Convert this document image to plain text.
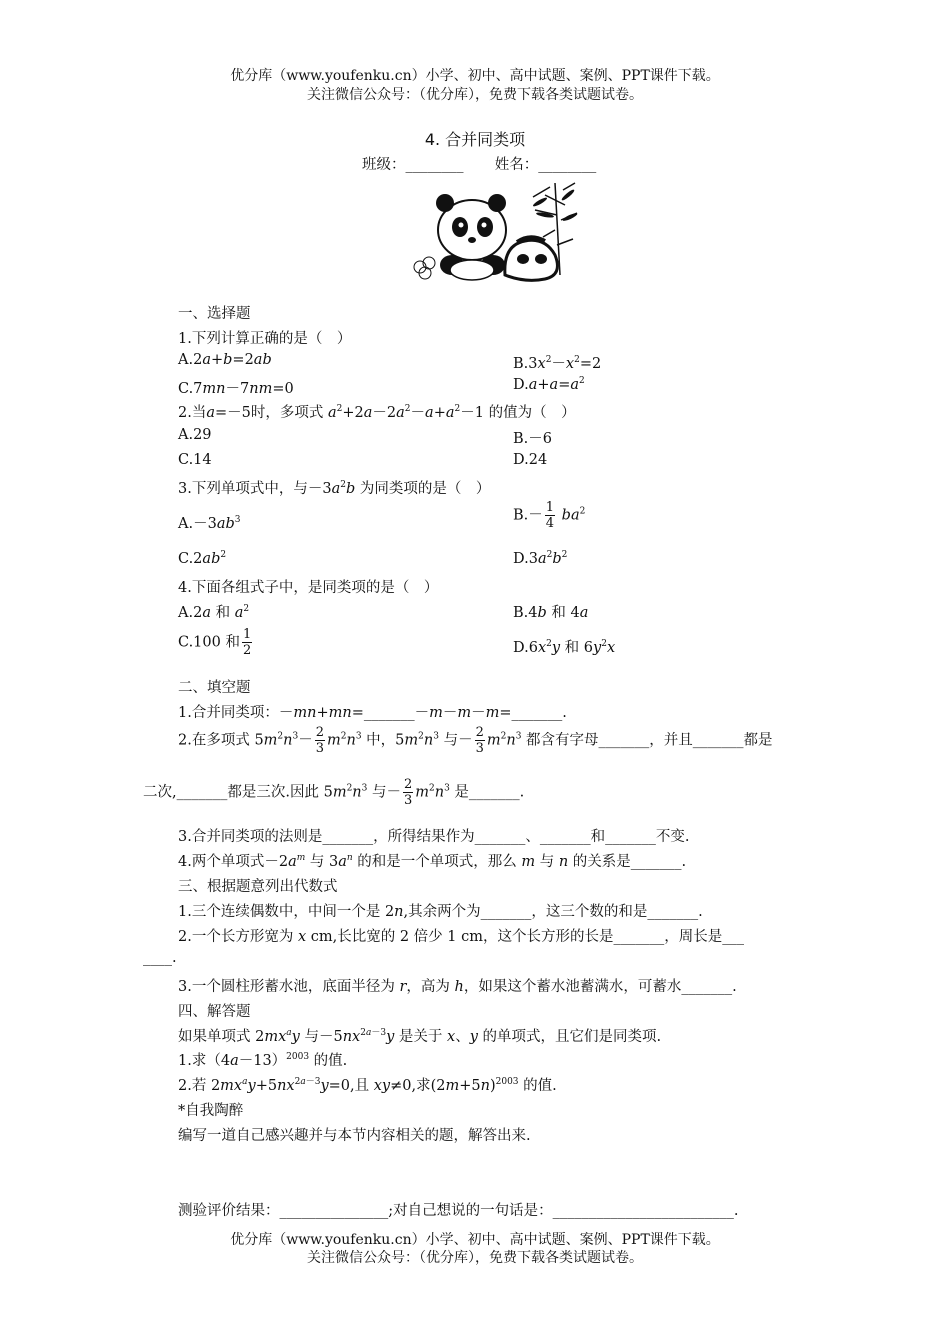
优分库（www.youfenku.cn）小学、初中、高中试题、案例、PPT课件下载。
关注微信公众号：（优分库），免费下载各类试题试卷。
4. 合并同类项
班级：________ 姓名：________
一、选择题
1.下列计算正确的是（　）
A.2a+b=2ab	$B.3x^2-x^2=2$
C.7mn－7nm=0	$D.a+a=a^2$
2.当a=－5时，多项式 $a^2+2a-2a^2-a+a^2-1$ 的值为（　）
A.29	B.－6
C.14	D.24
3.下列单项式中，与$-3a^2b$ 为同类项的是（　）
$A.-3ab^3$	$B.- \frac{1}{4} ba^2$
$C.2ab^2$	$D.3a^2b^2$
4.下面各组式子中，是同类项的是（　）
A.2a 和 $a^2$	B.4b 和 4a
C.100 和 $\frac{1}{2}$	$D.6x^2y$ 和 $6y^2x$
二、填空题
1.合并同类项：－mn+mn=_______－m－m－m=_______.
2.在多项式 $5m^2n^3- \frac{2}{3} m^2n^3$ 中，$5m^2n^3$ 与－ $\frac{2}{3} m^2n^3$ 都含有字母_______，并且_______都是
二次,_______都是三次.因此 $5m^2n^3$ 与－ $\frac{2}{3} m^2n^3$ 是_______.
3.合并同类项的法则是_______，所得结果作为_______、_______和_______不变.
4.两个单项式$-2a^m$ 与 $3a^n$ 的和是一个单项式，那么 m 与 n 的关系是_______.
三、根据题意列出代数式
1.三个连续偶数中，中间一个是 2n,其余两个为_______，这三个数的和是_______.
2.一个长方形宽为 x cm,长比宽的 2 倍少 1 cm，这个长方形的长是_______，周长是___
____.
3.一个圆柱形蓄水池，底面半径为 r，高为 h，如果这个蓄水池蓄满水，可蓄水_______.
四、解答题
如果单项式 $2mx^ay$ 与$-5nx^{2a-3}y$ 是关于 x、y 的单项式，且它们是同类项.
1.求$(4a-13)^{2003}$ 的值.
2.若 $2mx^ay+5nx^{2a-3}y=0$,且 xy≠0,求$(2m+5n)^{2003}$ 的值.
*自我陶醉
编写一道自己感兴趣并与本节内容相关的题，解答出来.
测验评价结果：_______________;对自己想说的一句话是：_________________________.
优分库（www.youfenku.cn）小学、初中、高中试题、案例、PPT课件下载。
关注微信公众号：（优分库），免费下载各类试题试卷。
